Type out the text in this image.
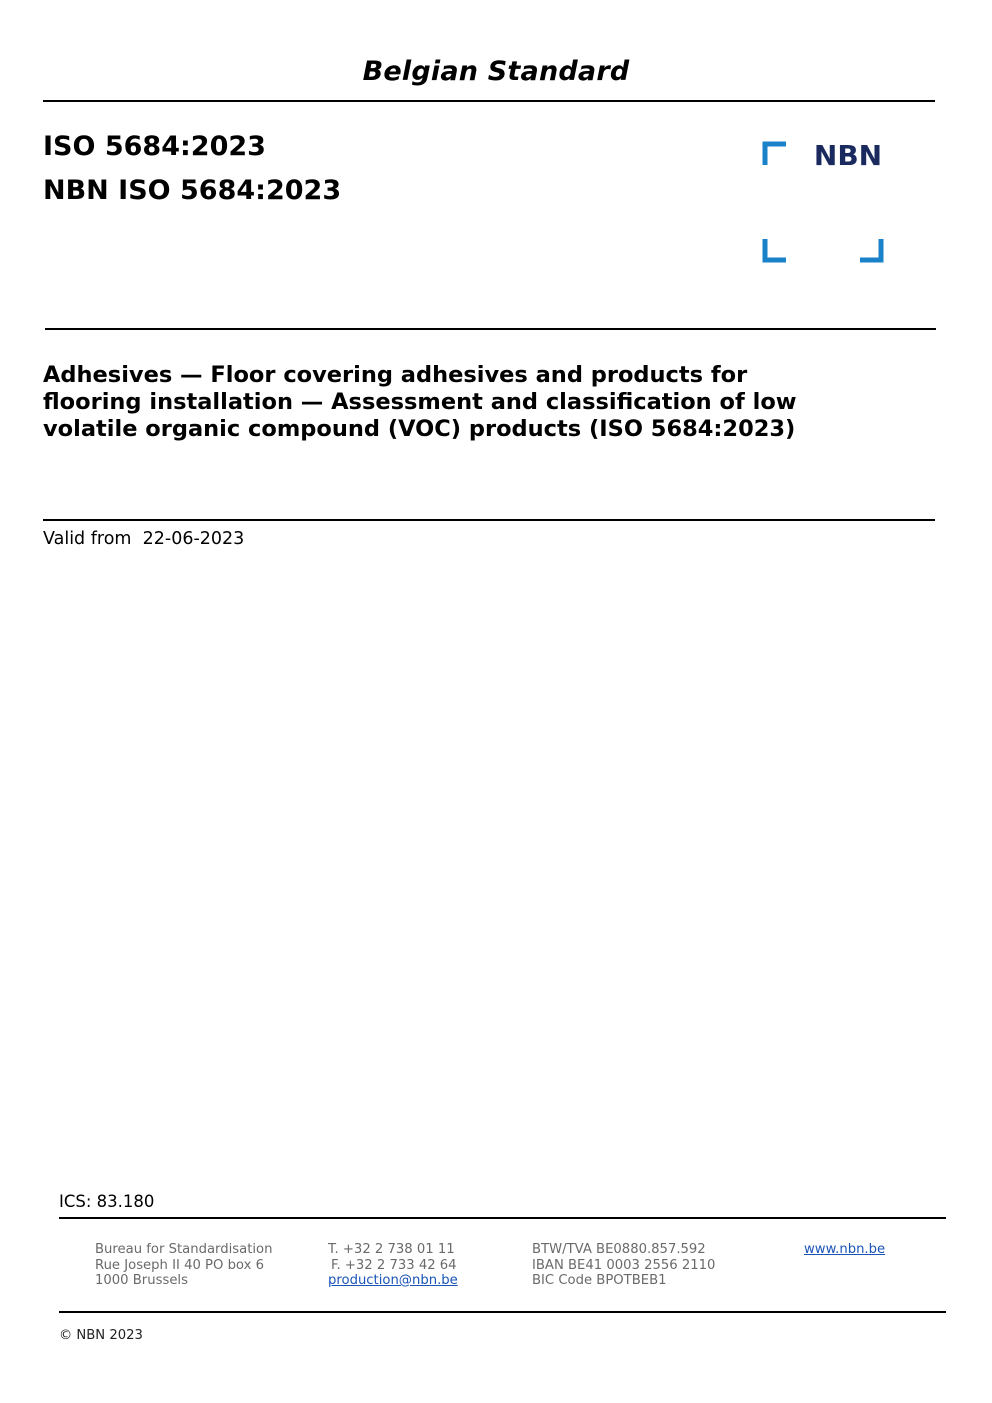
Belgian Standard
ISO 5684:2023
NBN ISO 5684:2023
NBN
Adhesives — Floor covering adhesives and products for
flooring installation — Assessment and classification of low
volatile organic compound (VOC) products (ISO 5684:2023)
Valid from 22-06-2023
ICS: 83.180
Bureau for Standardisation
Rue Joseph II 40 PO box 6
1000 Brussels
T. +32 2 738 01 11
F. +32 2 733 42 64
production@nbn.be
BTW/TVA BE0880.857.592
IBAN BE41 0003 2556 2110
BIC Code BPOTBEB1
www.nbn.be
© NBN 2023
